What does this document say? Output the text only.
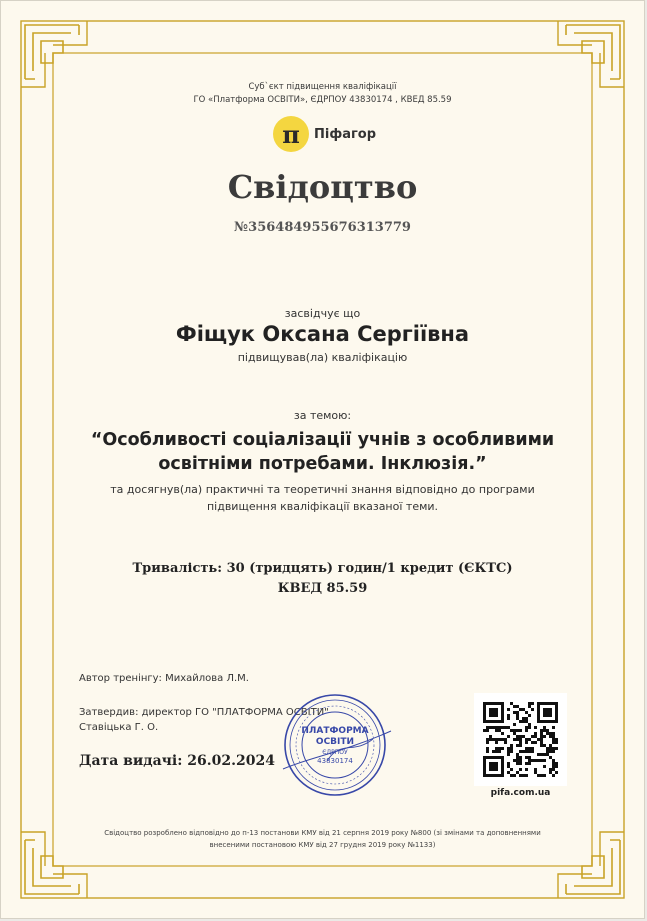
Суб`єкт підвищення кваліфікації
ГО «Платформа ОСВІТИ», ЄДРПОУ 43830174 , КВЕД 85.59
π	Піфагор
Свідоцтво
№356484955676313779
засвідчує що
Фіщук Оксана Сергіївна
підвищував(ла) кваліфікацію
за темою:
“Особливості соціалізації учнів з особливими
освітніми потребами. Інклюзія.”
та досягнув(ла) практичні та теоретичні знання відповідно до програми
підвищення кваліфікації вказаної теми.
Тривалість: 30 (тридцять) годин/1 кредит (ЄКТС)
КВЕД 85.59
Автор тренінгу: Михайлова Л.М.
Затвердив: директор ГО "ПЛАТФОРМА ОСВІТИ"
Ставіцька Г. О.
Дата видачі: 26.02.2024
ПЛАТФОРМА
ОСВІТИ
ЄДРПОУ
43830174
pifa.com.ua
Свідоцтво розроблено відповідно до п-13 постанови КМУ від 21 серпня 2019 року №800 (зі змінами та доповненнями
внесеними постановою КМУ від 27 грудня 2019 року №1133)
